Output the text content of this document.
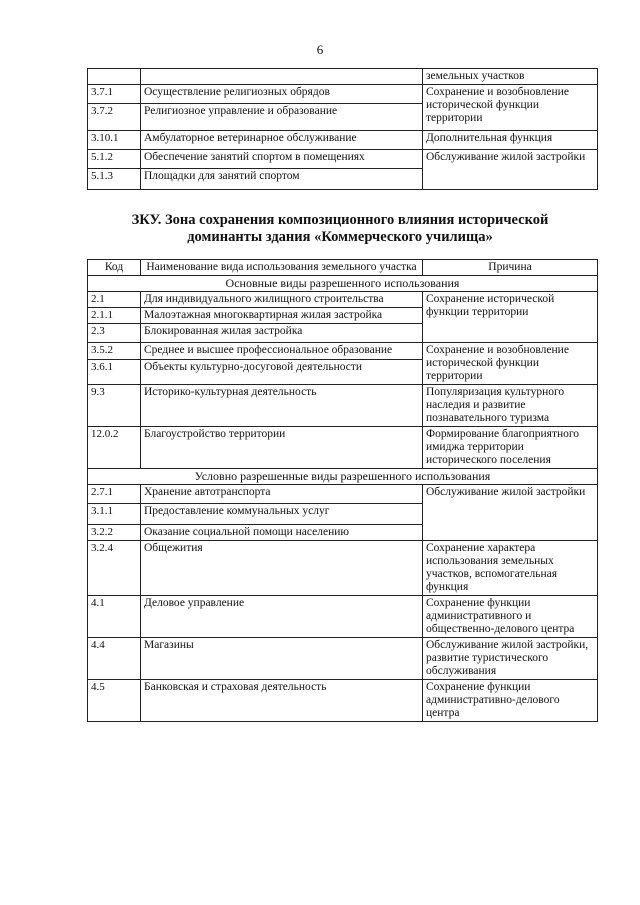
6
		земельных участков
3.7.1	Осуществление религиозных обрядов	Сохранение и возобновление исторической функции территории
3.7.2	Религиозное управление и образование	
3.10.1	Амбулаторное ветеринарное обслуживание	Дополнительная функция
5.1.2	Обеспечение занятий спортом в помещениях	Обслуживание жилой застройки
5.1.3	Площадки для занятий спортом	
ЗКУ. Зона сохранения композиционного влияния исторической
доминанты здания «Коммерческого училища»
Код	Наименование вида использования земельного участка	Причина
Основные виды разрешенного использования		
2.1	Для индивидуального жилищного строительства	Сохранение исторической функции территории
2.1.1	Малоэтажная многоквартирная жилая застройка	
2.3	Блокированная жилая застройка	
3.5.2	Среднее и высшее профессиональное образование	Сохранение и возобновление исторической функции территории
3.6.1	Объекты культурно-досуговой деятельности	
9.3	Историко-культурная деятельность	Популяризация культурного наследия и развитие познавательного туризма
12.0.2	Благоустройство территории	Формирование благоприятного имиджа территории исторического поселения
Условно разрешенные виды разрешенного использования		
2.7.1	Хранение автотранспорта	Обслуживание жилой застройки
3.1.1	Предоставление коммунальных услуг	
3.2.2	Оказание социальной помощи населению	
3.2.4	Общежития	Сохранение характера использования земельных участков, вспомогательная функция
4.1	Деловое управление	Сохранение функции административного и общественно-делового центра
4.4	Магазины	Обслуживание жилой застройки, развитие туристического обслуживания
4.5	Банковская и страховая деятельность	Сохранение функции административно-делового центра
